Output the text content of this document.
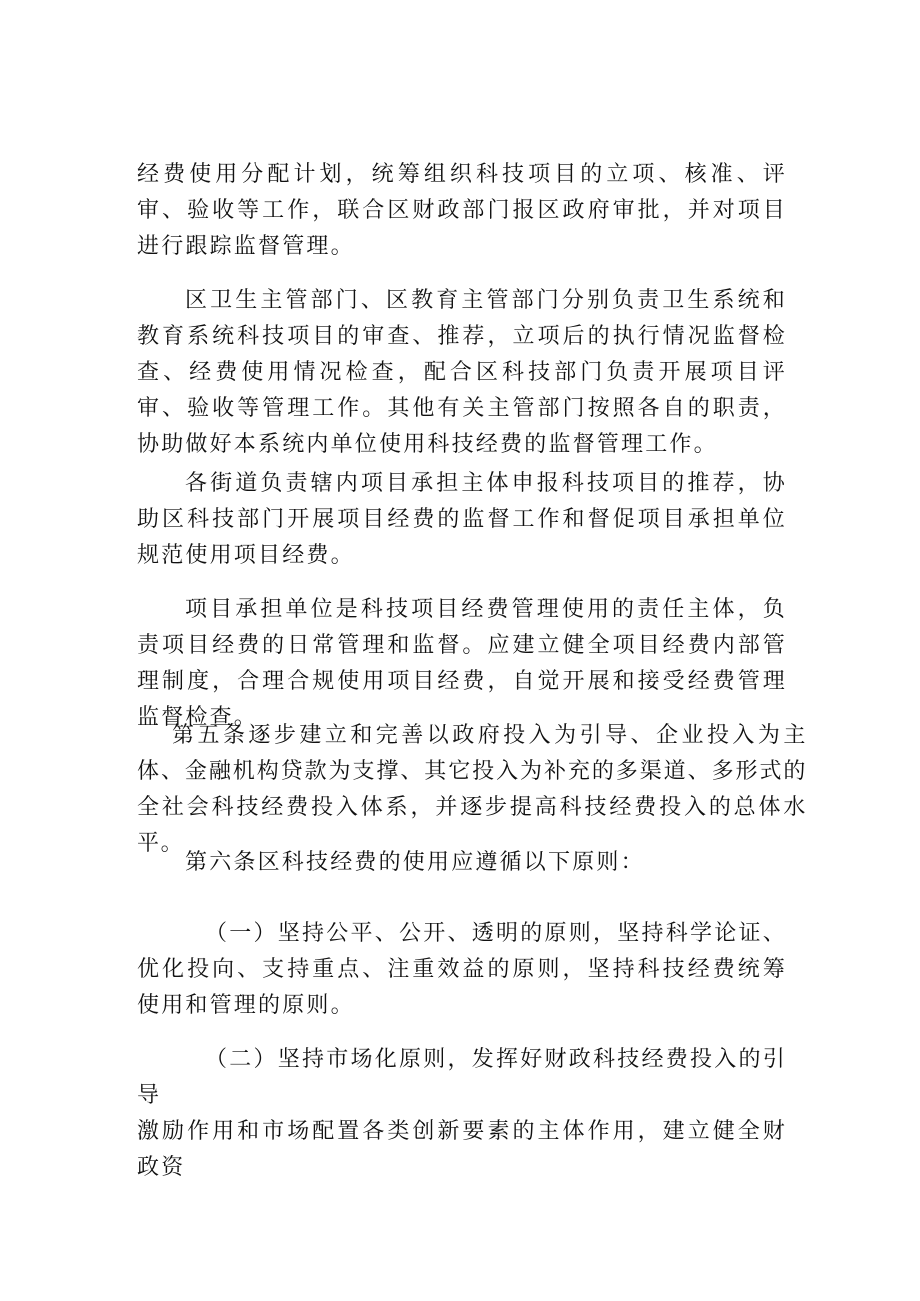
经费使用分配计划，统筹组织科技项目的立项、核准、评审、验收等工作，联合区财政部门报区政府审批，并对项目进行跟踪监督管理。

区卫生主管部门、区教育主管部门分别负责卫生系统和教育系统科技项目的审查、推荐，立项后的执行情况监督检查、经费使用情况检查，配合区科技部门负责开展项目评审、验收等管理工作。其他有关主管部门按照各自的职责，协助做好本系统内单位使用科技经费的监督管理工作。

各街道负责辖内项目承担主体申报科技项目的推荐，协助区科技部门开展项目经费的监督工作和督促项目承担单位规范使用项目经费。

项目承担单位是科技项目经费管理使用的责任主体，负责项目经费的日常管理和监督。应建立健全项目经费内部管理制度，合理合规使用项目经费，自觉开展和接受经费管理监督检查。

第五条逐步建立和完善以政府投入为引导、企业投入为主体、金融机构贷款为支撑、其它投入为补充的多渠道、多形式的全社会科技经费投入体系，并逐步提高科技经费投入的总体水平。

第六条区科技经费的使用应遵循以下原则：

（一）坚持公平、公开、透明的原则，坚持科学论证、优化投向、支持重点、注重效益的原则，坚持科技经费统筹使用和管理的原则。

（二）坚持市场化原则，发挥好财政科技经费投入的引导

激励作用和市场配置各类创新要素的主体作用，建立健全财政资
